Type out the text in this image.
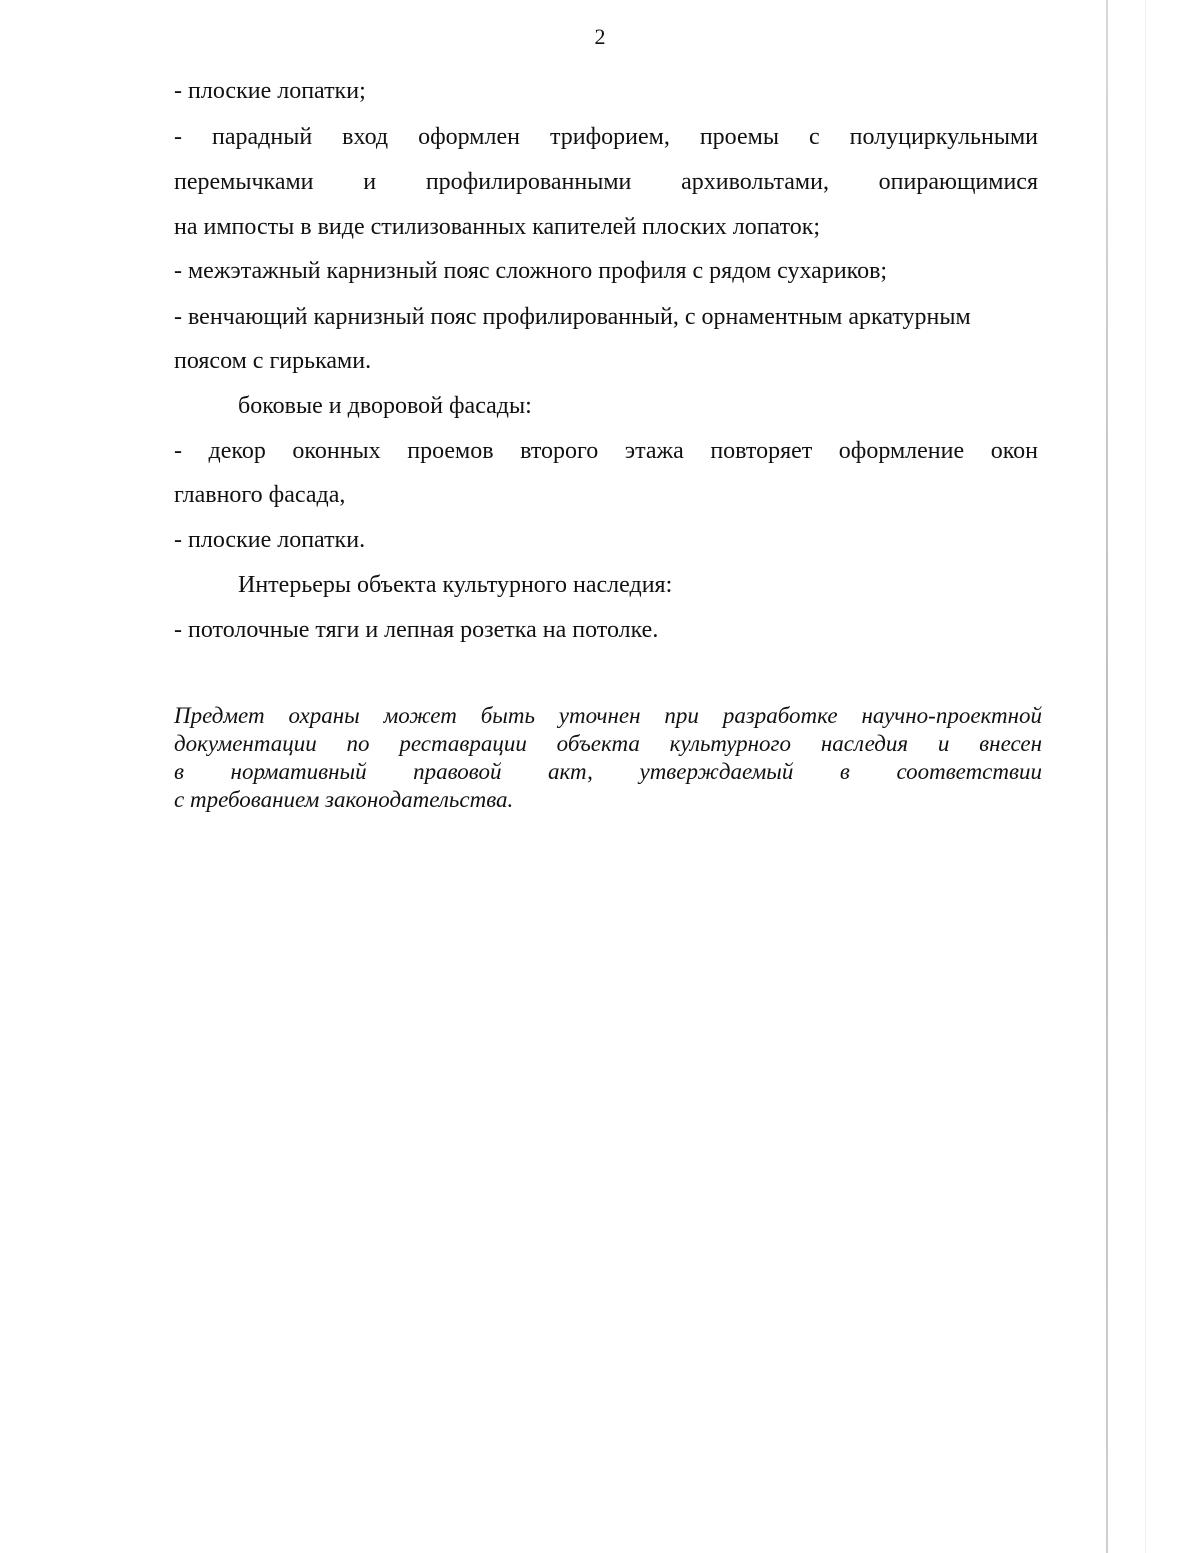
2
- плоские лопатки;
- парадный вход оформлен трифорием, проемы с полуциркульными
перемычками и профилированными архивольтами, опирающимися
на импосты в виде стилизованных капителей плоских лопаток;
- межэтажный карнизный пояс сложного профиля с рядом сухариков;
- венчающий карнизный пояс профилированный, с орнаментным аркатурным
поясом с гирьками.
боковые и дворовой фасады:
- декор оконных проемов второго этажа повторяет оформление окон
главного фасада,
- плоские лопатки.
Интерьеры объекта культурного наследия:
- потолочные тяги и лепная розетка на потолке.
Предмет охраны может быть уточнен при разработке научно-проектной
документации по реставрации объекта культурного наследия и внесен
в нормативный правовой акт, утверждаемый в соответствии
с требованием законодательства.
